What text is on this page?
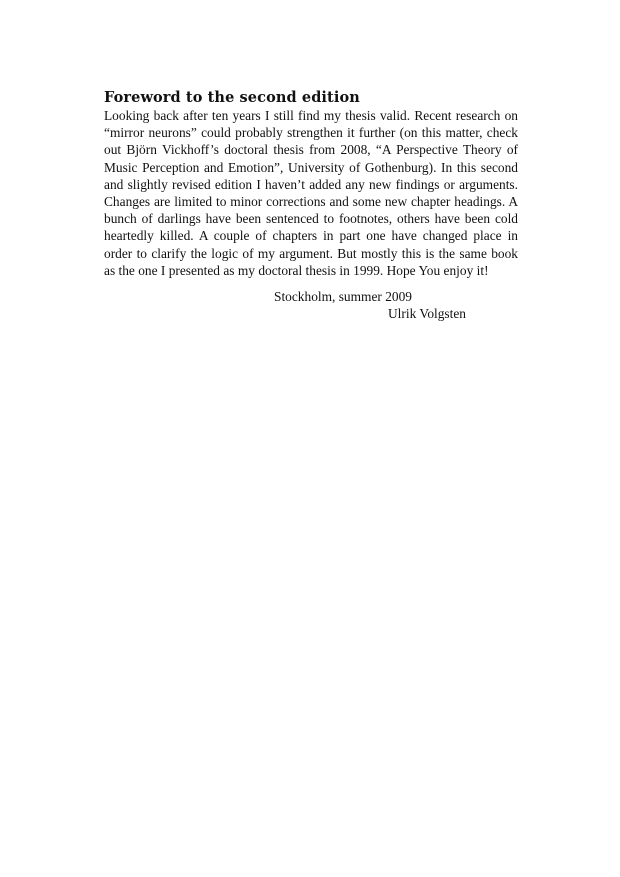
Foreword to the second edition

Looking back after ten years I still find my thesis valid. Recent research on “mirror neurons” could probably strengthen it further (on this matter, check out Björn Vickhoff’s doctoral thesis from 2008, “A Perspective Theory of Music Perception and Emotion”, University of Gothenburg). In this second and slightly revised edition I haven’t added any new findings or arguments. Changes are limited to minor corrections and some new chapter headings. A bunch of darlings have been sentenced to footnotes, others have been cold heartedly killed. A couple of chapters in part one have changed place in order to clarify the logic of my argument. But mostly this is the same book as the one I presented as my doctoral thesis in 1999. Hope You enjoy it!

Stockholm, summer 2009
Ulrik Volgsten
